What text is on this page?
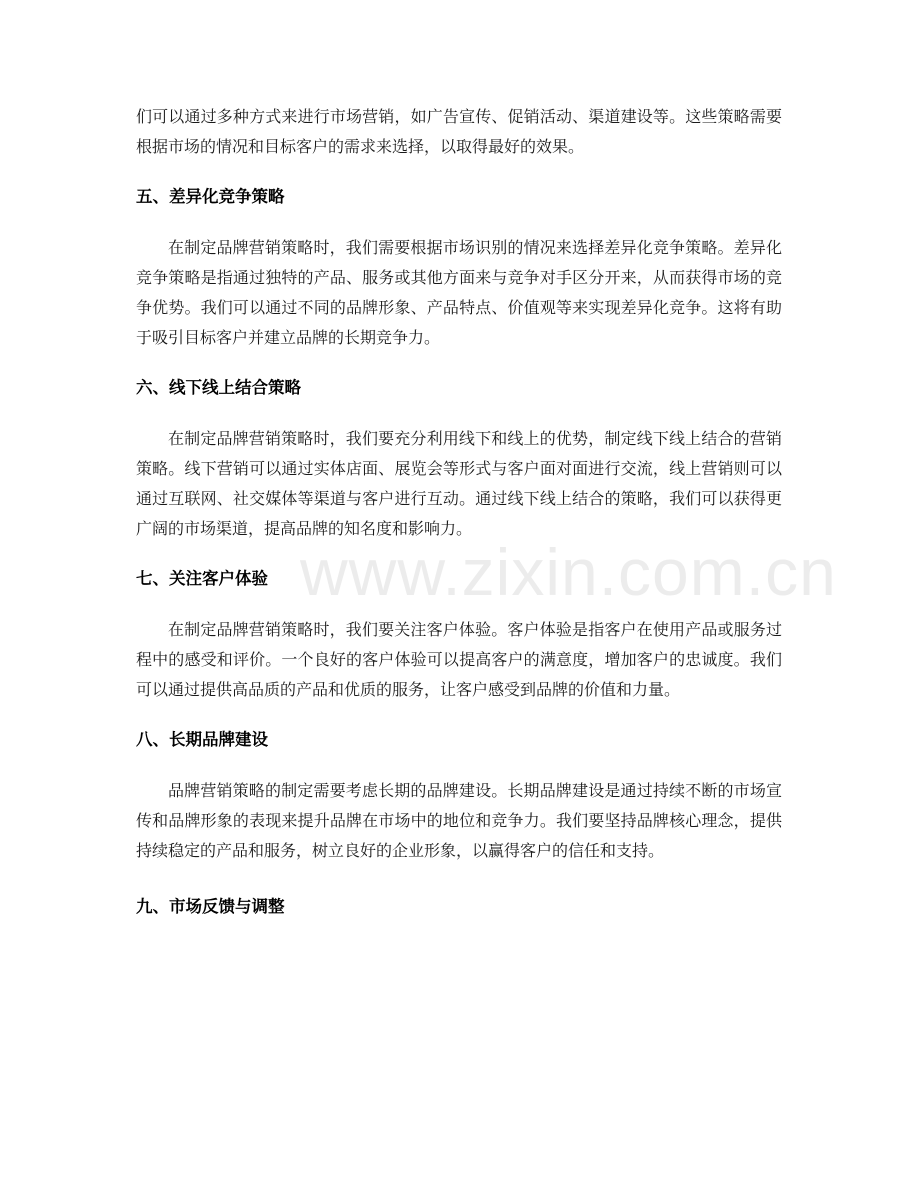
www.zixin.com.cn

们可以通过多种方式来进行市场营销，如广告宣传、促销活动、渠道建设等。这些策略需要根据市场的情况和目标客户的需求来选择，以取得最好的效果。

五、差异化竞争策略

在制定品牌营销策略时，我们需要根据市场识别的情况来选择差异化竞争策略。差异化竞争策略是指通过独特的产品、服务或其他方面来与竞争对手区分开来，从而获得市场的竞争优势。我们可以通过不同的品牌形象、产品特点、价值观等来实现差异化竞争。这将有助于吸引目标客户并建立品牌的长期竞争力。

六、线下线上结合策略

在制定品牌营销策略时，我们要充分利用线下和线上的优势，制定线下线上结合的营销策略。线下营销可以通过实体店面、展览会等形式与客户面对面进行交流，线上营销则可以通过互联网、社交媒体等渠道与客户进行互动。通过线下线上结合的策略，我们可以获得更广阔的市场渠道，提高品牌的知名度和影响力。

七、关注客户体验

在制定品牌营销策略时，我们要关注客户体验。客户体验是指客户在使用产品或服务过程中的感受和评价。一个良好的客户体验可以提高客户的满意度，增加客户的忠诚度。我们可以通过提供高品质的产品和优质的服务，让客户感受到品牌的价值和力量。

八、长期品牌建设

品牌营销策略的制定需要考虑长期的品牌建设。长期品牌建设是通过持续不断的市场宣传和品牌形象的表现来提升品牌在市场中的地位和竞争力。我们要坚持品牌核心理念，提供持续稳定的产品和服务，树立良好的企业形象，以赢得客户的信任和支持。

九、市场反馈与调整
